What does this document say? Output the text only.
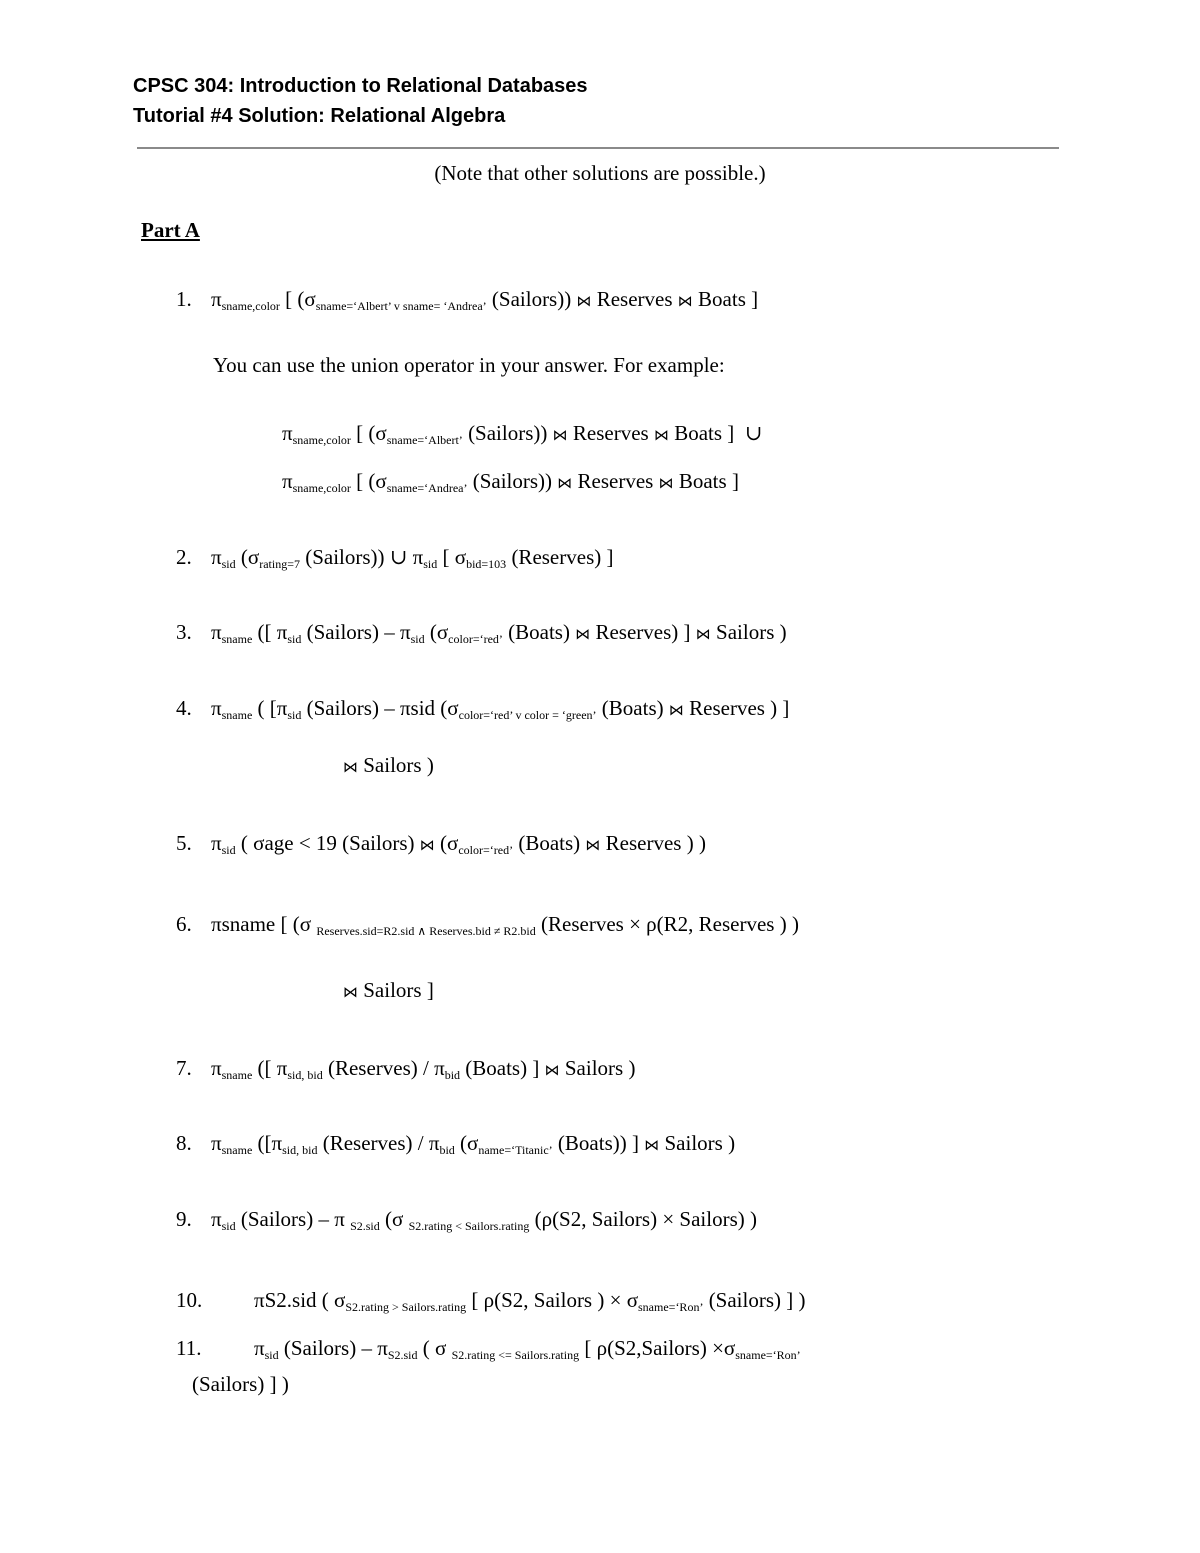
CPSC 304: Introduction to Relational Databases
Tutorial #4 Solution: Relational Algebra
(Note that other solutions are possible.)
Part A
1. $\pi_{sname,color}$ [ ($\sigma_{sname=‘Albert’ v sname= ‘Andrea’}$ (Sailors)) ⋈ Reserves ⋈ Boats ]
You can use the union operator in your answer. For example:
$\pi_{sname,color}$ [ ($\sigma_{sname=‘Albert’}$ (Sailors)) ⋈ Reserves ⋈ Boats ]  ∪
$\pi_{sname,color}$ [ ($\sigma_{sname=‘Andrea’}$ (Sailors)) ⋈ Reserves ⋈ Boats ]
2. $\pi_{sid}$ ($\sigma_{rating=7}$ (Sailors)) ∪ $\pi_{sid}$ [ $\sigma_{bid=103}$ (Reserves) ]
3. $\pi_{sname}$ ([ $\pi_{sid}$ (Sailors) – $\pi_{sid}$ ($\sigma_{color=‘red’}$ (Boats) ⋈ Reserves) ] ⋈ Sailors )
4. $\pi_{sname}$ ( [$\pi_{sid}$ (Sailors) – πsid ($\sigma_{color=‘red’ v color = ‘green’}$ (Boats) ⋈ Reserves ) ]
⋈ Sailors )
5. $\pi_{sid}$ ( σage < 19 (Sailors) ⋈ ($\sigma_{color=‘red’}$ (Boats) ⋈ Reserves ) )
6. πsname [ (σ $_{Reserves.sid=R2.sid \wedge Reserves.bid \ne R2.bid}$ (Reserves × ρ(R2, Reserves ) )
⋈ Sailors ]
7. $\pi_{sname}$ ([ $\pi_{sid, bid}$ (Reserves) / $\pi_{bid}$ (Boats) ] ⋈ Sailors )
8. $\pi_{sname}$ ([$\pi_{sid, bid}$ (Reserves) / $\pi_{bid}$ ($\sigma_{name=‘Titanic’}$ (Boats)) ] ⋈ Sailors )
9. $\pi_{sid}$ (Sailors) – π $_{S2.sid}$ (σ $_{S2.rating < Sailors.rating}$ (ρ(S2, Sailors) × Sailors) )
10. πS2.sid ( $\sigma_{S2.rating > Sailors.rating}$ [ ρ(S2, Sailors ) × $\sigma_{sname=‘Ron’}$ (Sailors) ] )
11.	$\pi_{sid}$ (Sailors) – $\pi_{S2.sid}$ ( σ $_{S2.rating <= Sailors.rating}$ [ ρ(S2,Sailors) $\times\sigma_{sname=‘Ron’}$
(Sailors) ] )
